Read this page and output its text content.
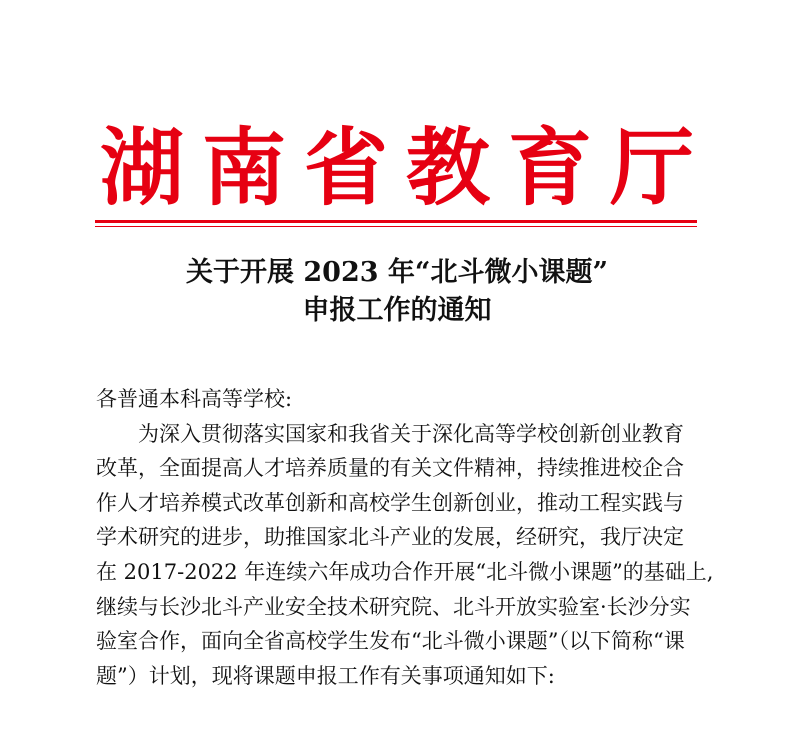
湖南省教育厅
关于开展 2023 年“北斗微小课题”
申报工作的通知
各普通本科高等学校:
为深入贯彻落实国家和我省关于深化高等学校创新创业教育
改革，全面提高人才培养质量的有关文件精神，持续推进校企合
作人才培养模式改革创新和高校学生创新创业，推动工程实践与
学术研究的进步，助推国家北斗产业的发展，经研究，我厅决定
在 2017-2022 年连续六年成功合作开展“北斗微小课题”的基础上,
继续与长沙北斗产业安全技术研究院、北斗开放实验室·长沙分实
验室合作，面向全省高校学生发布“北斗微小课题”（以下简称“课
题”）计划，现将课题申报工作有关事项通知如下:
